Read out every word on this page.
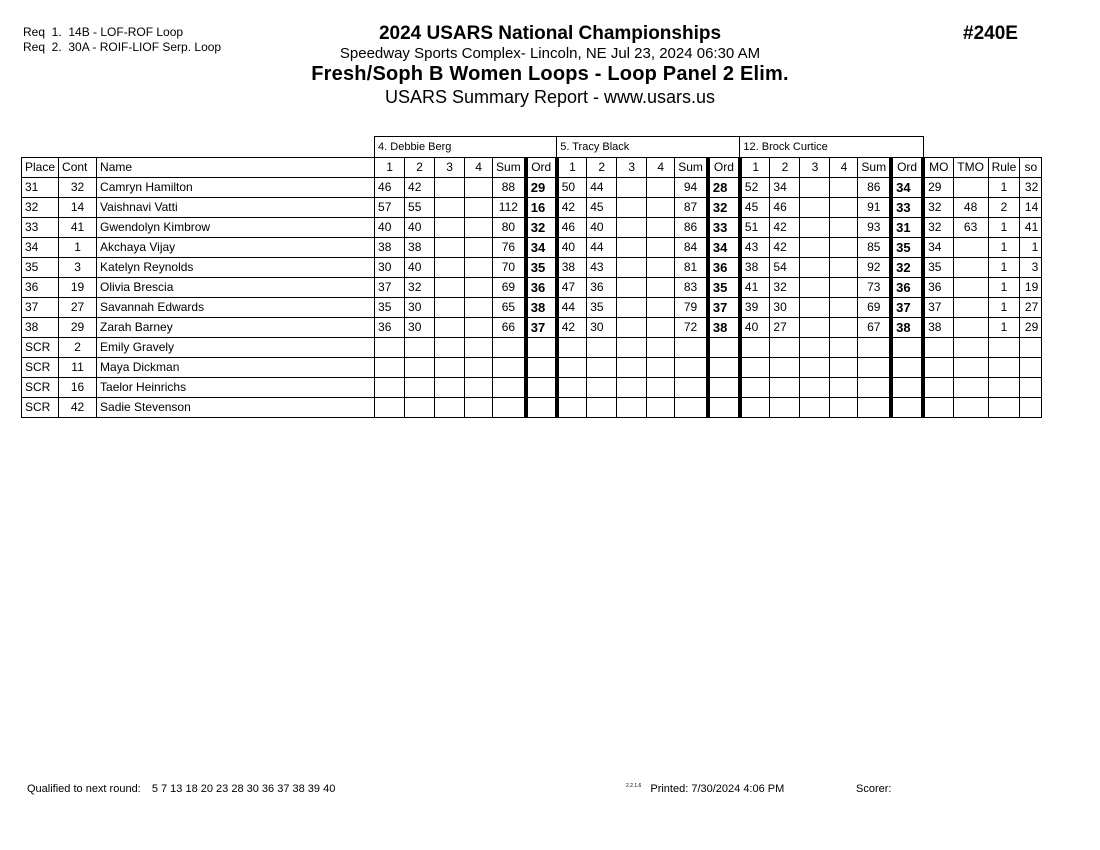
Req  1.  14B - LOF-ROF Loop
Req  2.  30A - ROIF-LIOF Serp. Loop
2024 USARS National Championships
Speedway Sports Complex- Lincoln, NE Jul 23, 2024 06:30 AM
Fresh/Soph B Women Loops - Loop Panel 2 Elim.
USARS Summary Report - www.usars.us
#240E
			4. Debbie Berg						5. Tracy Black						12. Brock Curtice									
Place	Cont	Name	1	2	3	4	Sum	Ord	1	2	3	4	Sum	Ord	1	2	3	4	Sum	Ord	MO	TMO	Rule	so
31	32	Camryn Hamilton	46	42			88	29	50	44			94	28	52	34			86	34	29		1	32
32	14	Vaishnavi Vatti	57	55			112	16	42	45			87	32	45	46			91	33	32	48	2	14
33	41	Gwendolyn Kimbrow	40	40			80	32	46	40			86	33	51	42			93	31	32	63	1	41
34	1	Akchaya Vijay	38	38			76	34	40	44			84	34	43	42			85	35	34		1	1
35	3	Katelyn Reynolds	30	40			70	35	38	43			81	36	38	54			92	32	35		1	3
36	19	Olivia Brescia	37	32			69	36	47	36			83	35	41	32			73	36	36		1	19
37	27	Savannah Edwards	35	30			65	38	44	35			79	37	39	30			69	37	37		1	27
38	29	Zarah Barney	36	30			66	37	42	30			72	38	40	27			67	38	38		1	29
SCR	2	Emily Gravely																						
SCR	11	Maya Dickman																						
SCR	16	Taelor Heinrichs																						
SCR	42	Sadie Stevenson																						
Qualified to next round: 5 7 13 18 20 23 28 30 36 37 38 39 40	$^{2.2.1.6}$ Printed: 7/30/2024 4:06 PM	Scorer:
